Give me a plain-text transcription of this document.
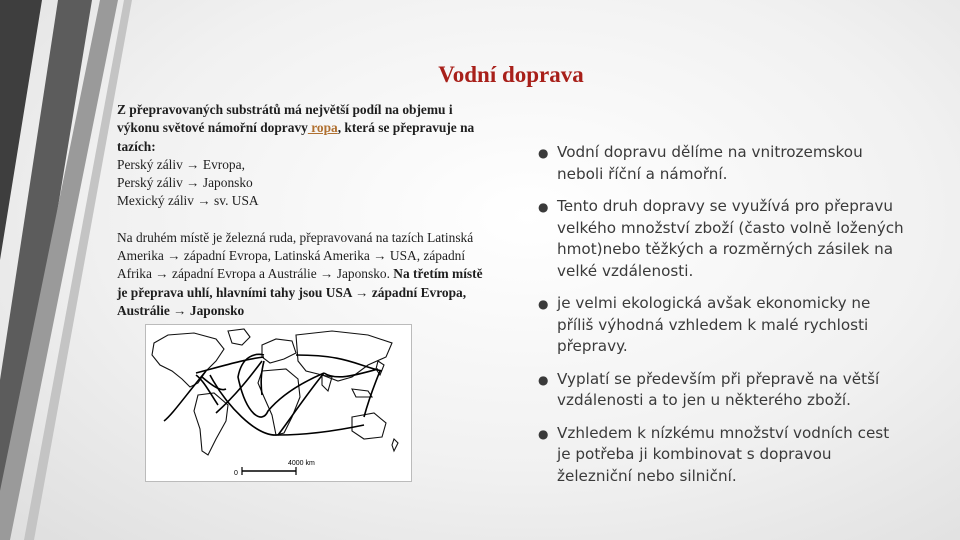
Vodní doprava

Z přepravovaných substrátů má největší podíl na objemu i výkonu světové námořní dopravy ropa, která se přepravuje na tazích:

Perský záliv → Evropa,

Perský záliv → Japonsko

Mexický záliv → sv. USA

Na druhém místě je železná ruda, přepravovaná na tazích Latinská Amerika → západní Evropa, Latinská Amerika → USA, západní Afrika → západní Evropa a Austrálie → Japonsko. Na třetím místě je přeprava uhlí, hlavními tahy jsou USA → západní Evropa, Austrálie → Japonsko

0
4000 km
● Vodní dopravu dělíme na vnitrozemskou neboli říční a námořní.
● Tento druh dopravy se využívá pro přepravu velkého množství zboží (často volně ložených hmot)nebo těžkých a rozměrných zásilek na velké vzdálenosti.
● je velmi ekologická avšak ekonomicky ne příliš výhodná vzhledem k malé rychlosti přepravy.
● Vyplatí se především při přepravě na větší vzdálenosti a to jen u některého zboží.
● Vzhledem k nízkému množství vodních cest je potřeba ji kombinovat s dopravou železniční nebo silniční.
